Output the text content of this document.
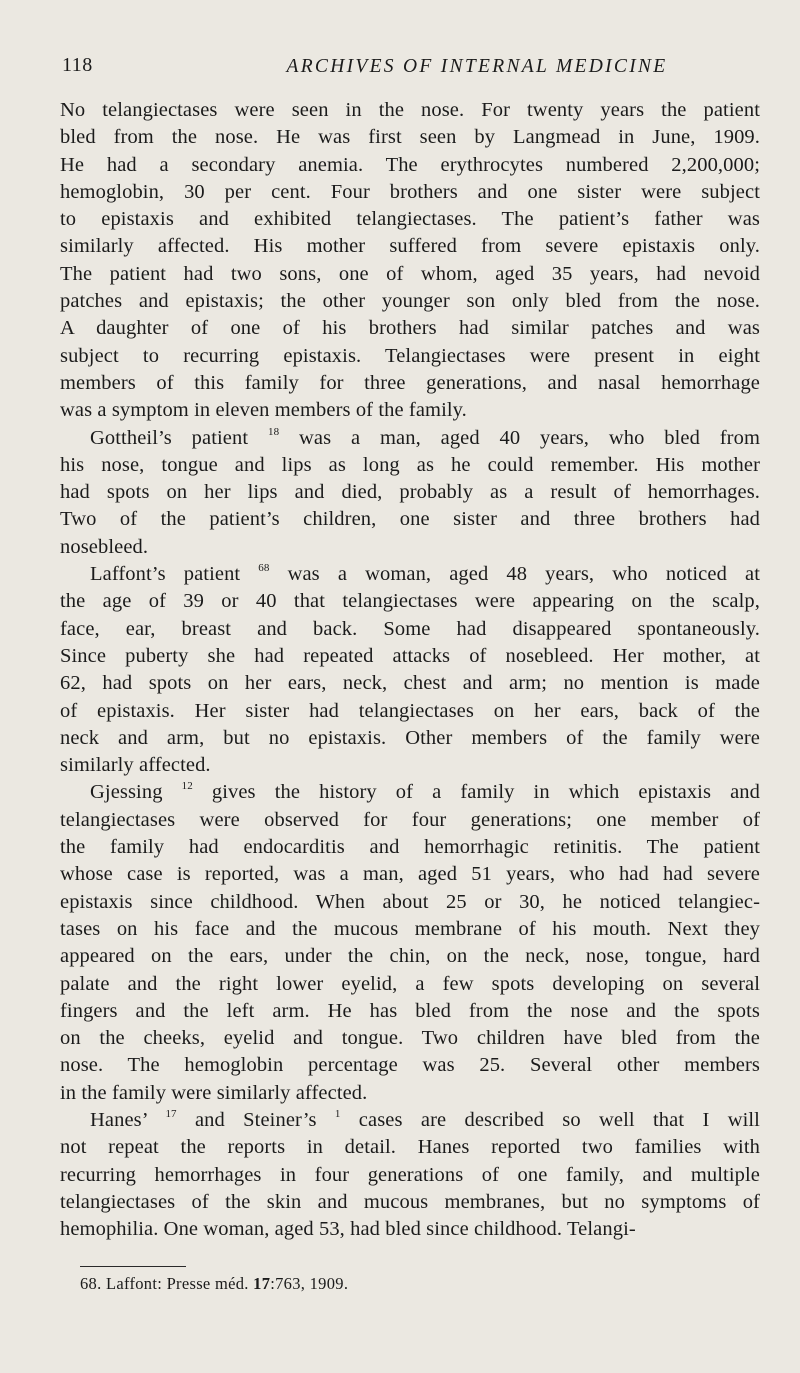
118	ARCHIVES OF INTERNAL MEDICINE

No telangiectases were seen in the nose. For twenty years the patient
bled from the nose. He was first seen by Langmead in June, 1909.
He had a secondary anemia. The erythrocytes numbered 2,200,000;
hemoglobin, 30 per cent. Four brothers and one sister were subject
to epistaxis and exhibited telangiectases. The patient’s father was
similarly affected. His mother suffered from severe epistaxis only.
The patient had two sons, one of whom, aged 35 years, had nevoid
patches and epistaxis; the other younger son only bled from the nose.
A daughter of one of his brothers had similar patches and was
subject to recurring epistaxis. Telangiectases were present in eight
members of this family for three generations, and nasal hemorrhage
was a symptom in eleven members of the family.

Gottheil’s patient $^{18}$ was a man, aged 40 years, who bled from
his nose, tongue and lips as long as he could remember. His mother
had spots on her lips and died, probably as a result of hemorrhages.
Two of the patient’s children, one sister and three brothers had
nosebleed.

Laffont’s patient $^{68}$ was a woman, aged 48 years, who noticed at
the age of 39 or 40 that telangiectases were appearing on the scalp,
face, ear, breast and back. Some had disappeared spontaneously.
Since puberty she had repeated attacks of nosebleed. Her mother, at
62, had spots on her ears, neck, chest and arm; no mention is made
of epistaxis. Her sister had telangiectases on her ears, back of the
neck and arm, but no epistaxis. Other members of the family were
similarly affected.

Gjessing $^{12}$ gives the history of a family in which epistaxis and
telangiectases were observed for four generations; one member of
the family had endocarditis and hemorrhagic retinitis. The patient
whose case is reported, was a man, aged 51 years, who had had severe
epistaxis since childhood. When about 25 or 30, he noticed telangiec-
tases on his face and the mucous membrane of his mouth. Next they
appeared on the ears, under the chin, on the neck, nose, tongue, hard
palate and the right lower eyelid, a few spots developing on several
fingers and the left arm. He has bled from the nose and the spots
on the cheeks, eyelid and tongue. Two children have bled from the
nose. The hemoglobin percentage was 25. Several other members
in the family were similarly affected.

Hanes’ $^{17}$ and Steiner’s $^1$ cases are described so well that I will
not repeat the reports in detail. Hanes reported two families with
recurring hemorrhages in four generations of one family, and multiple
telangiectases of the skin and mucous membranes, but no symptoms of
hemophilia. One woman, aged 53, had bled since childhood. Telangi-

68. Laffont: Presse méd. 17:763, 1909.
